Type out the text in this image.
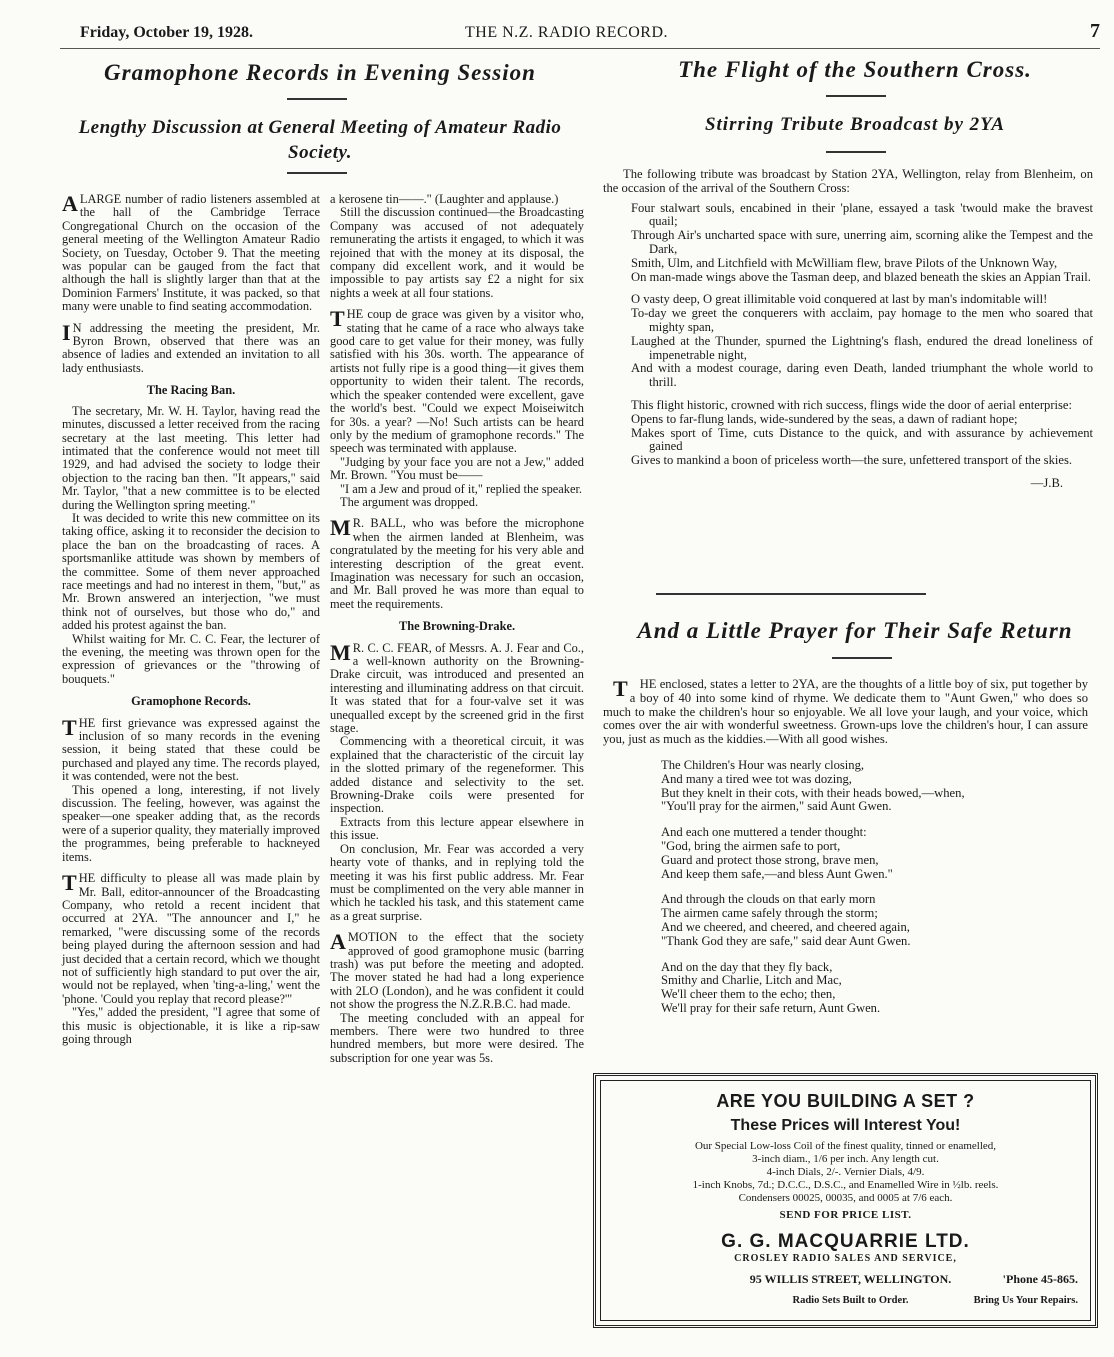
Friday, October 19, 1928.	THE N.Z. RADIO RECORD.	7
Gramophone Records in Evening Session
Lengthy Discussion at General Meeting of Amateur Radio Society.

ALARGE number of radio listeners assembled at the hall of the Cambridge Terrace Congregational Church on the occasion of the general meeting of the Wellington Amateur Radio Society, on Tuesday, October 9. That the meeting was popular can be gauged from the fact that although the hall is slightly larger than that at the Dominion Farmers' Institute, it was packed, so that many were unable to find seating accommodation.

I N addressing the meeting the president, Mr. Byron Brown, observed that there was an absence of ladies and extended an invitation to all lady enthusiasts.

The Racing Ban.

The secretary, Mr. W. H. Taylor, having read the minutes, discussed a letter received from the racing secretary at the last meeting. This letter had intimated that the conference would not meet till 1929, and had advised the society to lodge their objection to the racing ban then. "It appears," said Mr. Taylor, "that a new committee is to be elected during the Wellington spring meeting."

It was decided to write this new committee on its taking office, asking it to reconsider the decision to place the ban on the broadcasting of races. A sportsmanlike attitude was shown by members of the committee. Some of them never approached race meetings and had no interest in them, "but," as Mr. Brown answered an interjection, "we must think not of ourselves, but those who do," and added his protest against the ban.

Whilst waiting for Mr. C. C. Fear, the lecturer of the evening, the meeting was thrown open for the expression of grievances or the "throwing of bouquets."

Gramophone Records.

THE first grievance was expressed against the inclusion of so many records in the evening session, it being stated that these could be purchased and played any time. The records played, it was contended, were not the best.

This opened a long, interesting, if not lively discussion. The feeling, however, was against the speaker—one speaker adding that, as the records were of a superior quality, they materially improved the programmes, being preferable to hackneyed items.

THE difficulty to please all was made plain by Mr. Ball, editor-announcer of the Broadcasting Company, who retold a recent incident that occurred at 2YA. "The announcer and I," he remarked, "were discussing some of the records being played during the afternoon session and had just decided that a certain record, which we thought not of sufficiently high standard to put over the air, would not be replayed, when 'ting-a-ling,' went the 'phone. 'Could you replay that record please?'"

"Yes," added the president, "I agree that some of this music is objectionable, it is like a rip-saw going through

a kerosene tin——." (Laughter and applause.)

Still the discussion continued—the Broadcasting Company was accused of not adequately remunerating the artists it engaged, to which it was rejoined that with the money at its disposal, the company did excellent work, and it would be impossible to pay artists say £2 a night for six nights a week at all four stations.

THE coup de grace was given by a visitor who, stating that he came of a race who always take good care to get value for their money, was fully satisfied with his 30s. worth. The appearance of artists not fully ripe is a good thing—it gives them opportunity to widen their talent. The records, which the speaker contended were excellent, gave the world's best. "Could we expect Moiseiwitch for 30s. a year? —No! Such artists can be heard only by the medium of gramophone records." The speech was terminated with applause.

"Judging by your face you are not a Jew," added Mr. Brown. "You must be——

"I am a Jew and proud of it," replied the speaker.

The argument was dropped.

M R. BALL, who was before the microphone when the airmen landed at Blenheim, was congratulated by the meeting for his very able and interesting description of the great event. Imagination was necessary for such an occasion, and Mr. Ball proved he was more than equal to meet the requirements.

The Browning-Drake.

M R. C. C. FEAR, of Messrs. A. J. Fear and Co., a well-known authority on the Browning-Drake circuit, was introduced and presented an interesting and illuminating address on that circuit. It was stated that for a four-valve set it was unequalled except by the screened grid in the first stage.

Commencing with a theoretical circuit, it was explained that the characteristic of the circuit lay in the slotted primary of the regeneformer. This added distance and selectivity to the set. Browning-Drake coils were presented for inspection.

Extracts from this lecture appear elsewhere in this issue.

On conclusion, Mr. Fear was accorded a very hearty vote of thanks, and in replying told the meeting it was his first public address. Mr. Fear must be complimented on the very able manner in which he tackled his task, and this statement came as a great surprise.

AMOTION to the effect that the society approved of good gramophone music (barring trash) was put before the meeting and adopted. The mover stated he had had a long experience with 2LO (London), and he was confident it could not show the progress the N.Z.R.B.C. had made.

The meeting concluded with an appeal for members. There were two hundred to three hundred members, but more were desired. The subscription for one year was 5s.

The Flight of the Southern Cross.
Stirring Tribute Broadcast by 2YA

The following tribute was broadcast by Station 2YA, Wellington, relay from Blenheim, on the occasion of the arrival of the Southern Cross:

Four stalwart souls, encabined in their 'plane, essayed a task 'twould make the bravest quail;
Through Air's uncharted space with sure, unerring aim, scorning alike the Tempest and the Dark,
Smith, Ulm, and Litchfield with McWilliam flew, brave Pilots of the Unknown Way,
On man-made wings above the Tasman deep, and blazed beneath the skies an Appian Trail.
O vasty deep, O great illimitable void conquered at last by man's indomitable will!
To-day we greet the conquerers with acclaim, pay homage to the men who soared that mighty span,
Laughed at the Thunder, spurned the Lightning's flash, endured the dread loneliness of impenetrable night,
And with a modest courage, daring even Death, landed triumphant the whole world to thrill.
This flight historic, crowned with rich success, flings wide the door of aerial enterprise:
Opens to far-flung lands, wide-sundered by the seas, a dawn of radiant hope;
Makes sport of Time, cuts Distance to the quick, and with assurance by achievement gained
Gives to mankind a boon of priceless worth—the sure, unfettered transport of the skies.
—J.B.
And a Little Prayer for Their Safe Return

THE enclosed, states a letter to 2YA, are the thoughts of a little boy of six, put together by a boy of 40 into some kind of rhyme. We dedicate them to "Aunt Gwen," who does so much to make the children's hour so enjoyable. We all love your laugh, and your voice, which comes over the air with wonderful sweetness. Grown-ups love the children's hour, I can assure you, just as much as the kiddies.—With all good wishes.

The Children's Hour was nearly closing,
And many a tired wee tot was dozing,
But they knelt in their cots, with their heads bowed,—when,
"You'll pray for the airmen," said Aunt Gwen.
And each one muttered a tender thought:
"God, bring the airmen safe to port,
Guard and protect those strong, brave men,
And keep them safe,—and bless Aunt Gwen."
And through the clouds on that early morn
The airmen came safely through the storm;
And we cheered, and cheered, and cheered again,
"Thank God they are safe," said dear Aunt Gwen.
And on the day that they fly back,
Smithy and Charlie, Litch and Mac,
We'll cheer them to the echo; then,
We'll pray for their safe return, Aunt Gwen.
ARE YOU BUILDING A SET ?
These Prices will Interest You!
Our Special Low-loss Coil of the finest quality, tinned or enamelled,
3-inch diam., 1/6 per inch. Any length cut.
4-inch Dials, 2/-. Vernier Dials, 4/9.
1-inch Knobs, 7d.; D.C.C., D.S.C., and Enamelled Wire in ½lb. reels.
Condensers 00025, 00035, and 0005 at 7/6 each.
SEND FOR PRICE LIST.
G. G. MACQUARRIE LTD.
CROSLEY RADIO SALES AND SERVICE,
95 WILLIS STREET, WELLINGTON.	'Phone 45-865.
Radio Sets Built to Order.	Bring Us Your Repairs.
